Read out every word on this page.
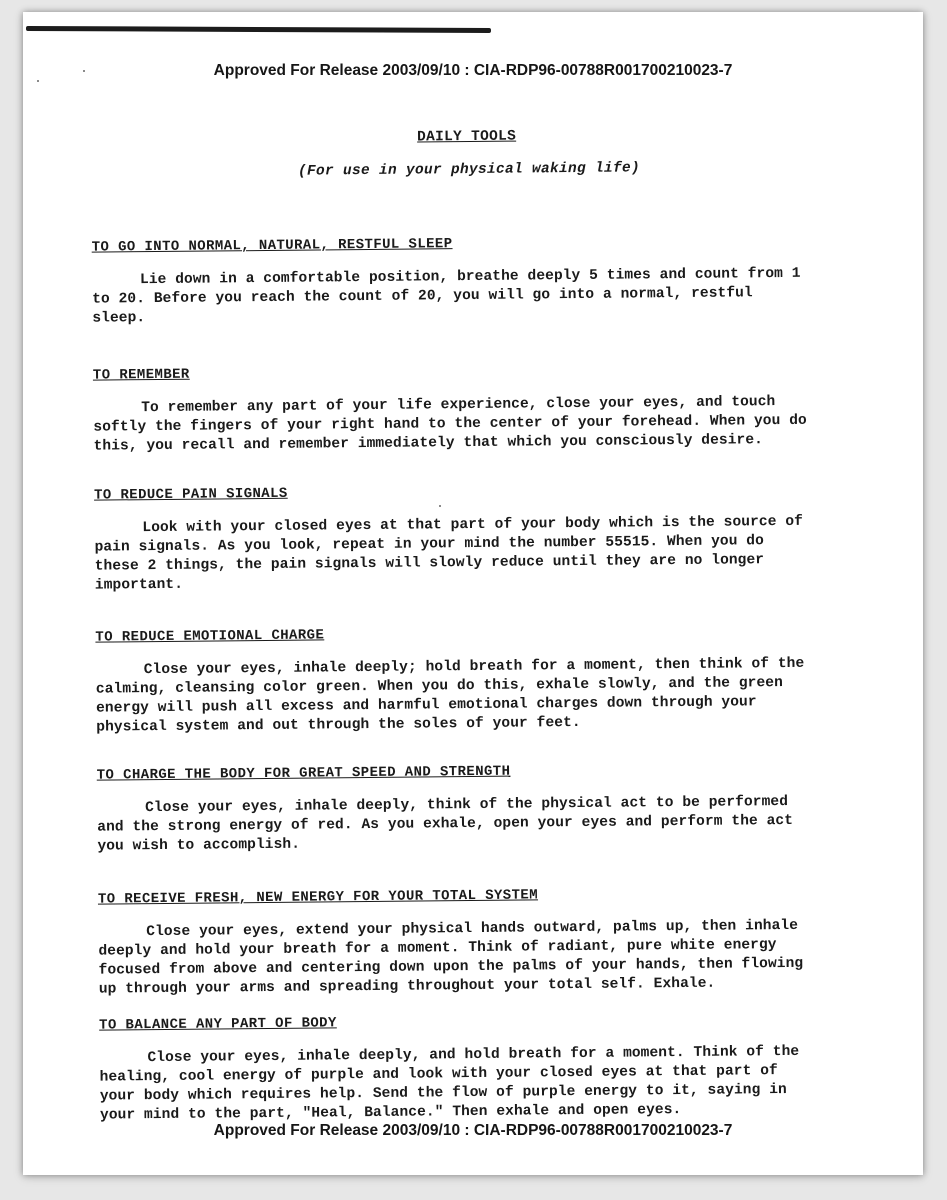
Approved For Release 2003/09/10 : CIA-RDP96-00788R001700210023-7
DAILY TOOLS
(For use in your physical waking life)
TO GO INTO NORMAL, NATURAL, RESTFUL SLEEP
Lie down in a comfortable position, breathe deeply 5 times and count from 1 to 20. Before you reach the count of 20, you will go into a normal, restful sleep.
TO REMEMBER
To remember any part of your life experience, close your eyes, and touch softly the fingers of your right hand to the center of your forehead. When you do this, you recall and remember immediately that which you consciously desire.
TO REDUCE PAIN SIGNALS
Look with your closed eyes at that part of your body which is the source of pain signals. As you look, repeat in your mind the number 55515. When you do these 2 things, the pain signals will slowly reduce until they are no longer important.
TO REDUCE EMOTIONAL CHARGE
Close your eyes, inhale deeply; hold breath for a moment, then think of the calming, cleansing color green. When you do this, exhale slowly, and the green energy will push all excess and harmful emotional charges down through your physical system and out through the soles of your feet.
TO CHARGE THE BODY FOR GREAT SPEED AND STRENGTH
Close your eyes, inhale deeply, think of the physical act to be performed and the strong energy of red. As you exhale, open your eyes and perform the act you wish to accomplish.
TO RECEIVE FRESH, NEW ENERGY FOR YOUR TOTAL SYSTEM
Close your eyes, extend your physical hands outward, palms up, then inhale deeply and hold your breath for a moment. Think of radiant, pure white energy focused from above and centering down upon the palms of your hands, then flowing up through your arms and spreading throughout your total self. Exhale.
TO BALANCE ANY PART OF BODY
Close your eyes, inhale deeply, and hold breath for a moment. Think of the healing, cool energy of purple and look with your closed eyes at that part of your body which requires help. Send the flow of purple energy to it, saying in your mind to the part, "Heal, Balance." Then exhale and open eyes.
Approved For Release 2003/09/10 : CIA-RDP96-00788R001700210023-7
